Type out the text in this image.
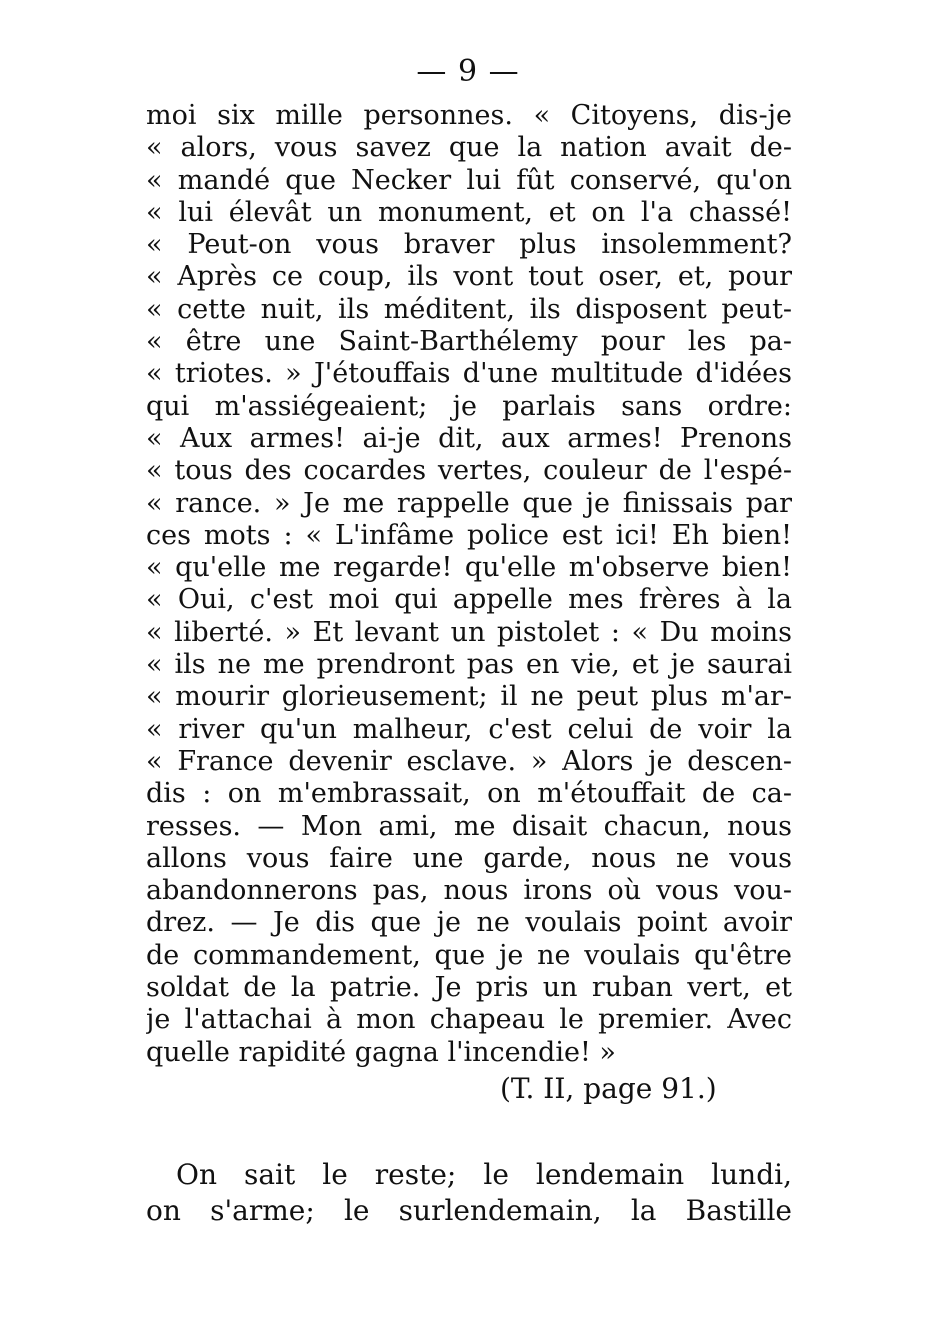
— 9 —
moi six mille personnes. « Citoyens, dis-je
« alors, vous savez que la nation avait de-
« mandé que Necker lui fût conservé, qu'on
« lui élevât un monument, et on l'a chassé!
« Peut-on vous braver plus insolemment?
« Après ce coup, ils vont tout oser, et, pour
« cette nuit, ils méditent, ils disposent peut-
« être une Saint-Barthélemy pour les pa-
« triotes. » J'étouffais d'une multitude d'idées
qui m'assiégeaient; je parlais sans ordre:
« Aux armes! ai-je dit, aux armes! Prenons
« tous des cocardes vertes, couleur de l'espé-
« rance. » Je me rappelle que je finissais par
ces mots : « L'infâme police est ici! Eh bien!
« qu'elle me regarde! qu'elle m'observe bien!
« Oui, c'est moi qui appelle mes frères à la
« liberté. » Et levant un pistolet : « Du moins
« ils ne me prendront pas en vie, et je saurai
« mourir glorieusement; il ne peut plus m'ar-
« river qu'un malheur, c'est celui de voir la
« France devenir esclave. » Alors je descen-
dis : on m'embrassait, on m'étouffait de ca-
resses. — Mon ami, me disait chacun, nous
allons vous faire une garde, nous ne vous
abandonnerons pas, nous irons où vous vou-
drez. — Je dis que je ne voulais point avoir
de commandement, que je ne voulais qu'être
soldat de la patrie. Je pris un ruban vert, et
je l'attachai à mon chapeau le premier. Avec
quelle rapidité gagna l'incendie! »
(T. II, page 91.)
On sait le reste; le lendemain lundi,
on s'arme; le surlendemain, la Bastille
